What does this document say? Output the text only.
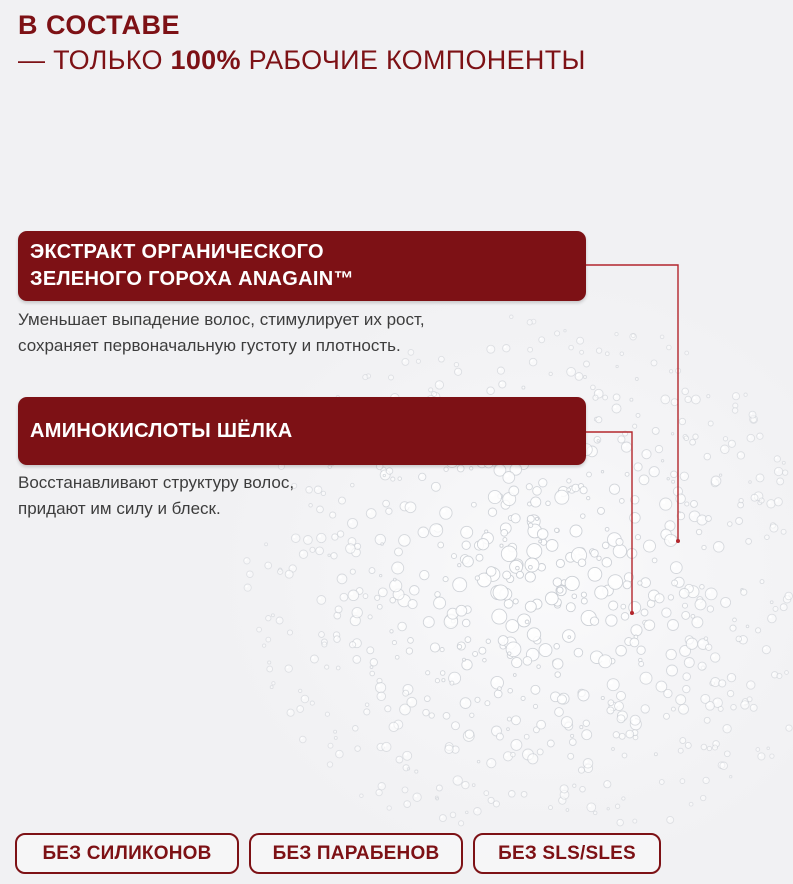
В СОСТАВЕ
— ТОЛЬКО 100% РАБОЧИЕ КОМПОНЕНТЫ
ЭКСТРАКТ ОРГАНИЧЕСКОГО
ЗЕЛЕНОГО ГОРОХА ANAGAIN™
Уменьшает выпадение волос, стимулирует их рост,
сохраняет первоначальную густоту и плотность.
АМИНОКИСЛОТЫ ШЁЛКА
Восстанавливают структуру волос,
придают им силу и блеск.
БЕЗ СИЛИКОНОВ	БЕЗ ПАРАБЕНОВ	БЕЗ SLS/SLES
